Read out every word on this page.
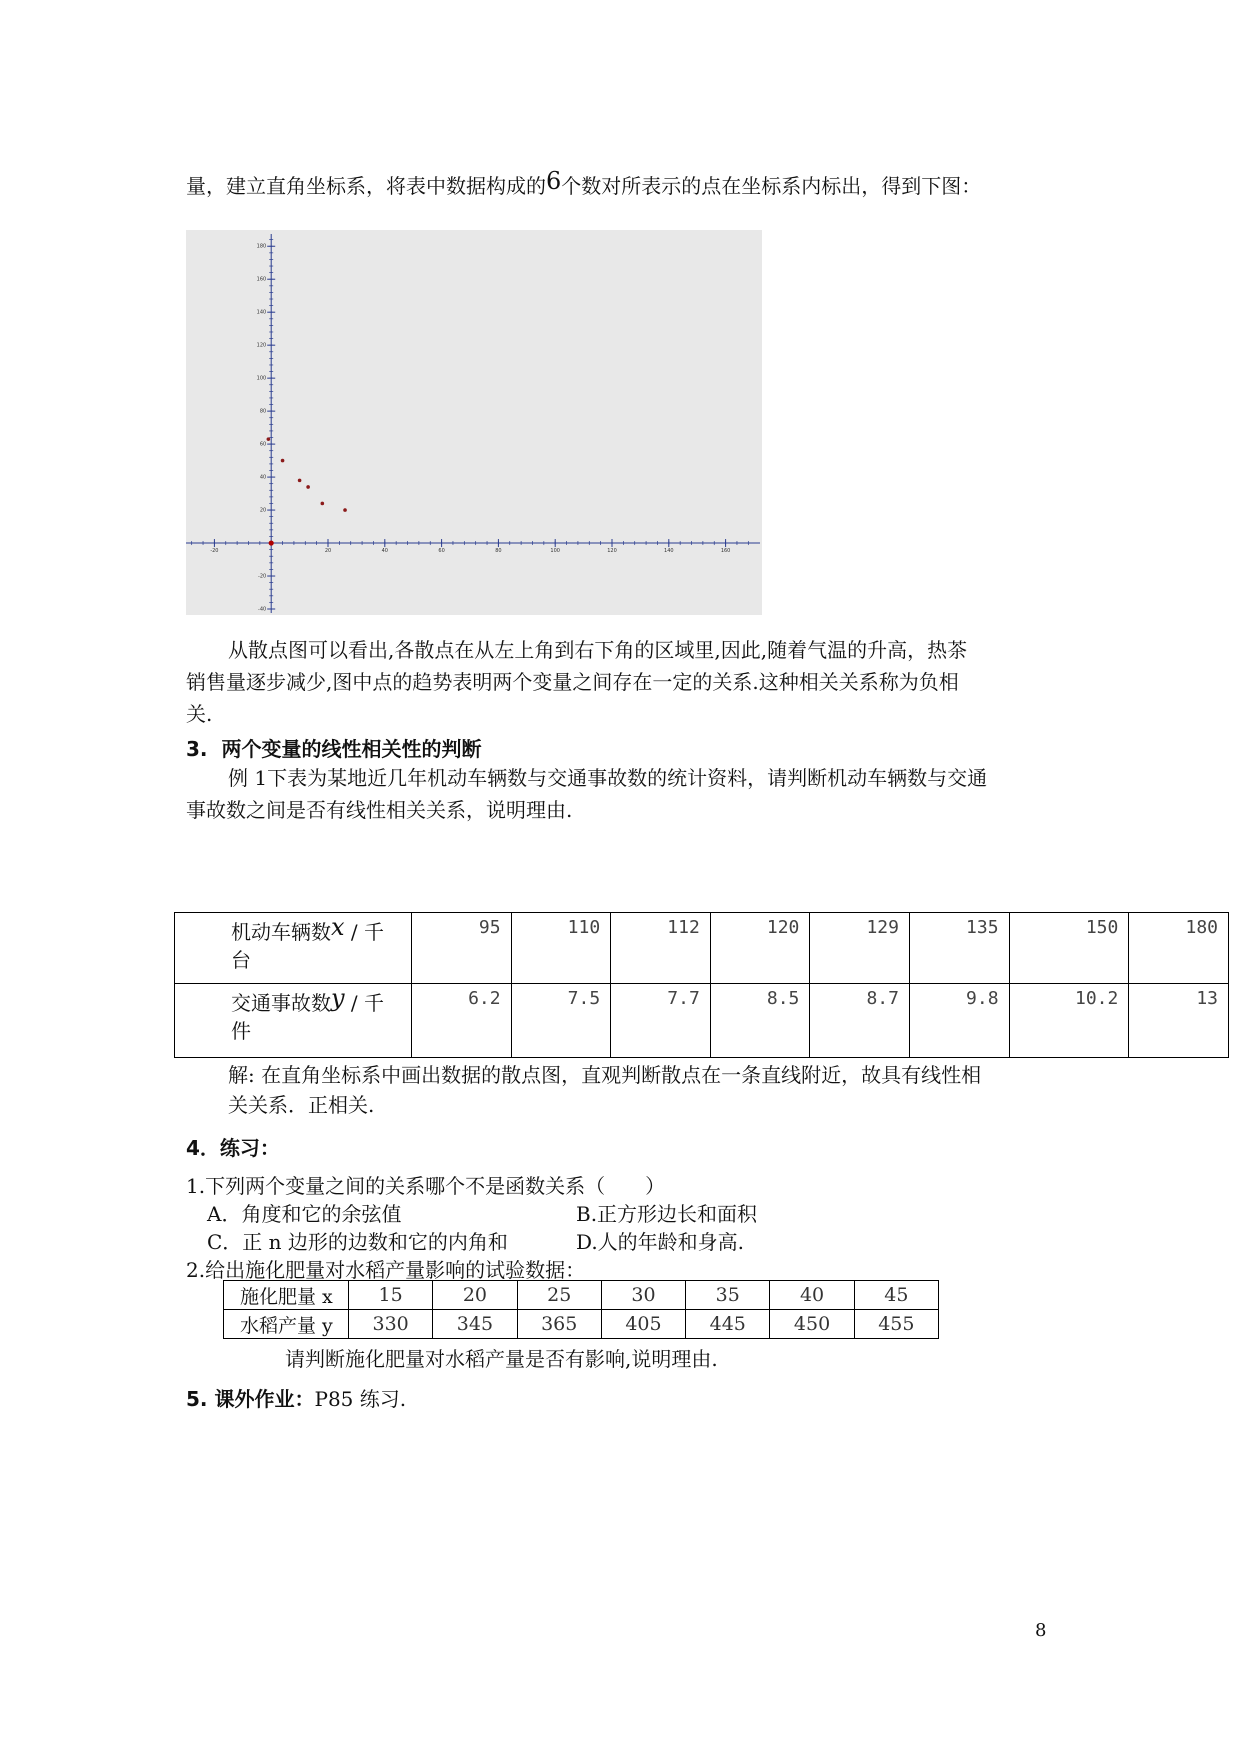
量，建立直角坐标系，将表中数据构成的6个数对所表示的点在坐标系内标出，得到下图：
-20	20	40	60	80	100	120	140	160
180
160
140
120
100
80
60
40
20
-20
-40
从散点图可以看出,各散点在从左上角到右下角的区域里,因此,随着气温的升高，热茶
销售量逐步减少,图中点的趋势表明两个变量之间存在一定的关系.这种相关关系称为负相
关.
3. 两个变量的线性相关性的判断
例 1下表为某地近几年机动车辆数与交通事故数的统计资料，请判断机动车辆数与交通
事故数之间是否有线性相关关系，说明理由.
机动车辆数x / 千
台	95	110	112	120	129	135	150	180
交通事故数y / 千
件	6.2	7.5	7.7	8.5	8.7	9.8	10.2	13
解: 在直角坐标系中画出数据的散点图，直观判断散点在一条直线附近，故具有线性相
关关系．正相关.
4．练习：
1.下列两个变量之间的关系哪个不是函数关系（　　）
A．角度和它的余弦值	B.正方形边长和面积
C．正 n 边形的边数和它的内角和	D.人的年龄和身高.
2.给出施化肥量对水稻产量影响的试验数据：
施化肥量 x	15	20	25	30	35	40	45
水稻产量 y	330	345	365	405	445	450	455
请判断施化肥量对水稻产量是否有影响,说明理由.
5. 课外作业：P85 练习.
8
